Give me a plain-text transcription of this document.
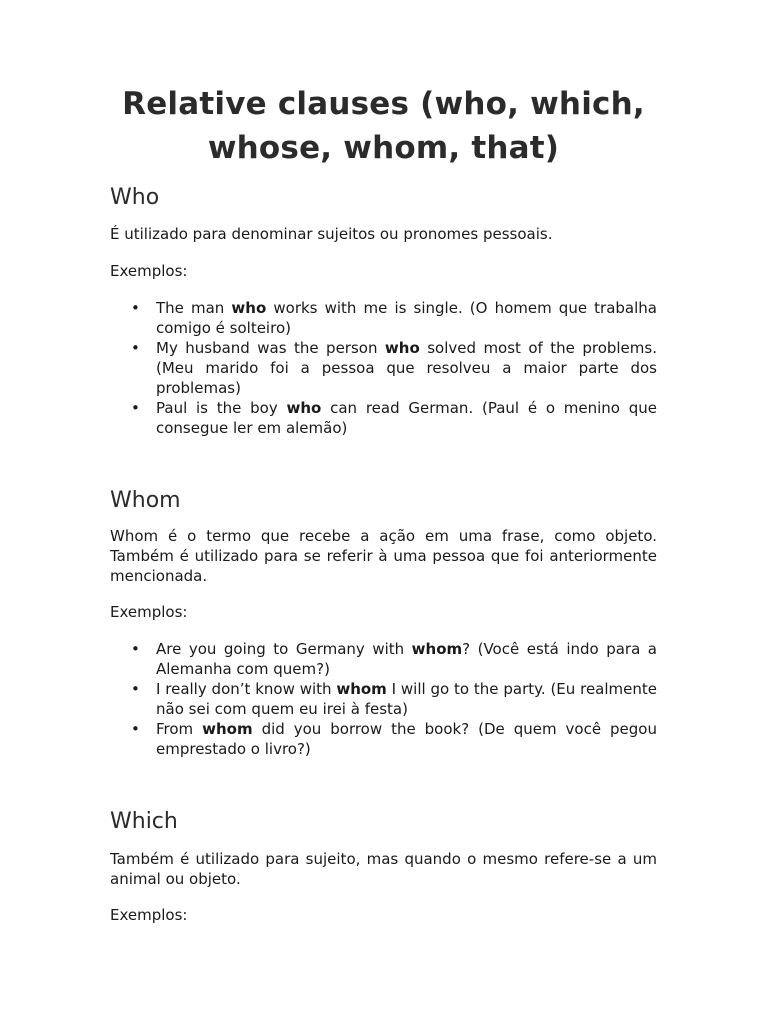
Relative clauses (who, which, whose, whom, that)
Who

É utilizado para denominar sujeitos ou pronomes pessoais.

Exemplos:

• The man who works with me is single. (O homem que trabalha comigo é solteiro)
• My husband was the person who solved most of the problems. (Meu marido foi a pessoa que resolveu a maior parte dos problemas)
• Paul is the boy who can read German. (Paul é o menino que consegue ler em alemão)
Whom

Whom é o termo que recebe a ação em uma frase, como objeto. Também é utilizado para se referir à uma pessoa que foi anteriormente mencionada.

Exemplos:

• Are you going to Germany with whom? (Você está indo para a Alemanha com quem?)
• I really don’t know with whom I will go to the party. (Eu realmente não sei com quem eu irei à festa)
• From whom did you borrow the book? (De quem você pegou emprestado o livro?)
Which

Também é utilizado para sujeito, mas quando o mesmo refere-se a um animal ou objeto.

Exemplos:
